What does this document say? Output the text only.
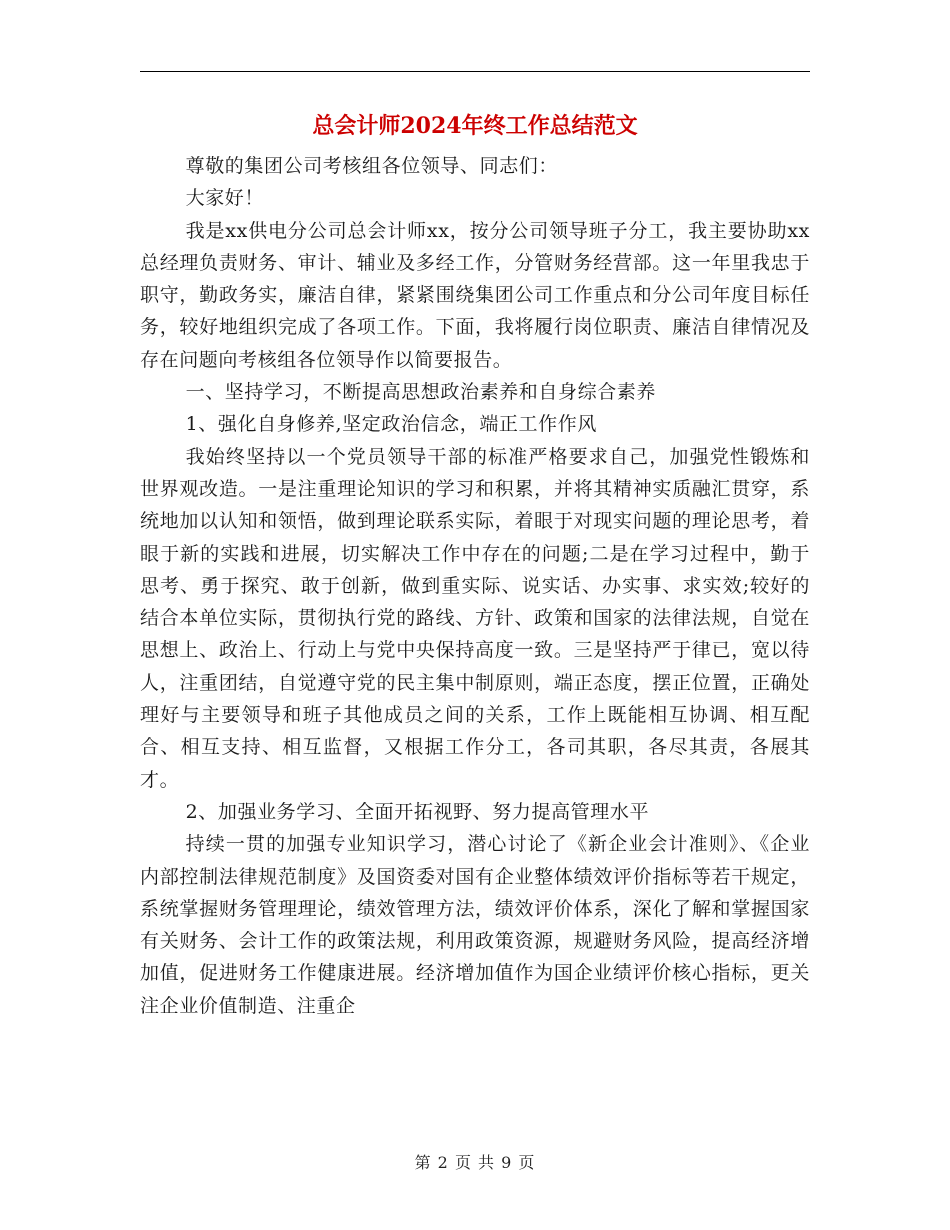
总会计师2024年终工作总结范文

尊敬的集团公司考核组各位领导、同志们：

大家好！

我是xx供电分公司总会计师xx，按分公司领导班子分工，我主要协助xx总经理负责财务、审计、辅业及多经工作，分管财务经营部。这一年里我忠于职守，勤政务实，廉洁自律，紧紧围绕集团公司工作重点和分公司年度目标任务，较好地组织完成了各项工作。下面，我将履行岗位职责、廉洁自律情况及存在问题向考核组各位领导作以简要报告。

一、坚持学习，不断提高思想政治素养和自身综合素养

1、强化自身修养,坚定政治信念，端正工作作风

我始终坚持以一个党员领导干部的标准严格要求自己，加强党性锻炼和世界观改造。一是注重理论知识的学习和积累，并将其精神实质融汇贯穿，系统地加以认知和领悟，做到理论联系实际，着眼于对现实问题的理论思考，着眼于新的实践和进展，切实解决工作中存在的问题;二是在学习过程中，勤于思考、勇于探究、敢于创新，做到重实际、说实话、办实事、求实效;较好的结合本单位实际，贯彻执行党的路线、方针、政策和国家的法律法规，自觉在思想上、政治上、行动上与党中央保持高度一致。三是坚持严于律已，宽以待人，注重团结，自觉遵守党的民主集中制原则，端正态度，摆正位置，正确处理好与主要领导和班子其他成员之间的关系，工作上既能相互协调、相互配合、相互支持、相互监督，又根据工作分工，各司其职，各尽其责，各展其才。

2、加强业务学习、全面开拓视野、努力提高管理水平

持续一贯的加强专业知识学习，潜心讨论了《新企业会计准则》、《企业内部控制法律规范制度》及国资委对国有企业整体绩效评价指标等若干规定，系统掌握财务管理理论，绩效管理方法，绩效评价体系，深化了解和掌握国家有关财务、会计工作的政策法规，利用政策资源，规避财务风险，提高经济增加值，促进财务工作健康进展。经济增加值作为国企业绩评价核心指标，更关注企业价值制造、注重企

第 2 页 共 9 页
